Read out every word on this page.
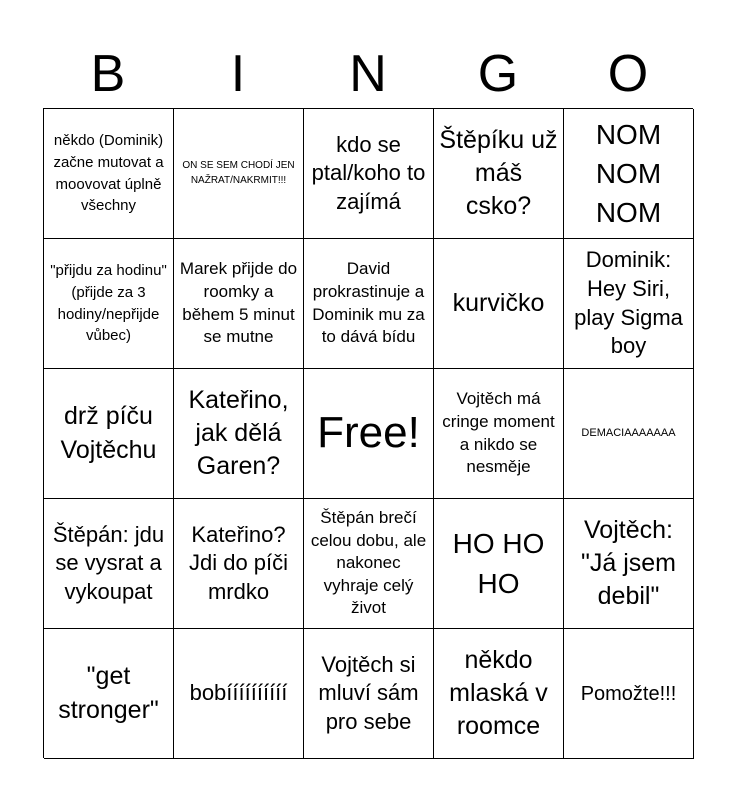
B	I	N	G	O
někdo (Dominik) začne mutovat a moovovat úplně všechny
ON SE SEM CHODÍ JEN NAŽRAT/NAKRMIT!!!
kdo se ptal/koho to zajímá
Štěpíku už máš csko?
NOM NOM NOM
"přijdu za hodinu" (přijde za 3 hodiny/nepřijde vůbec)
Marek přijde do roomky a během 5 minut se mutne
David prokrastinuje a Dominik mu za to dává bídu
kurvičko
Dominik: Hey Siri, play Sigma boy
drž píču Vojtěchu
Kateřino, jak dělá Garen?
Free!
Vojtěch má cringe moment a nikdo se nesměje
DEMACIAAAAAAA
Štěpán: jdu se vysrat a vykoupat
Kateřino? Jdi do píči mrdko
Štěpán brečí celou dobu, ale nakonec vyhraje celý život
HO HO HO
Vojtěch: "Já jsem debil"
"get stronger"
bobíííííííííí
Vojtěch si mluví sám pro sebe
někdo mlaská v roomce
Pomožte!!!
